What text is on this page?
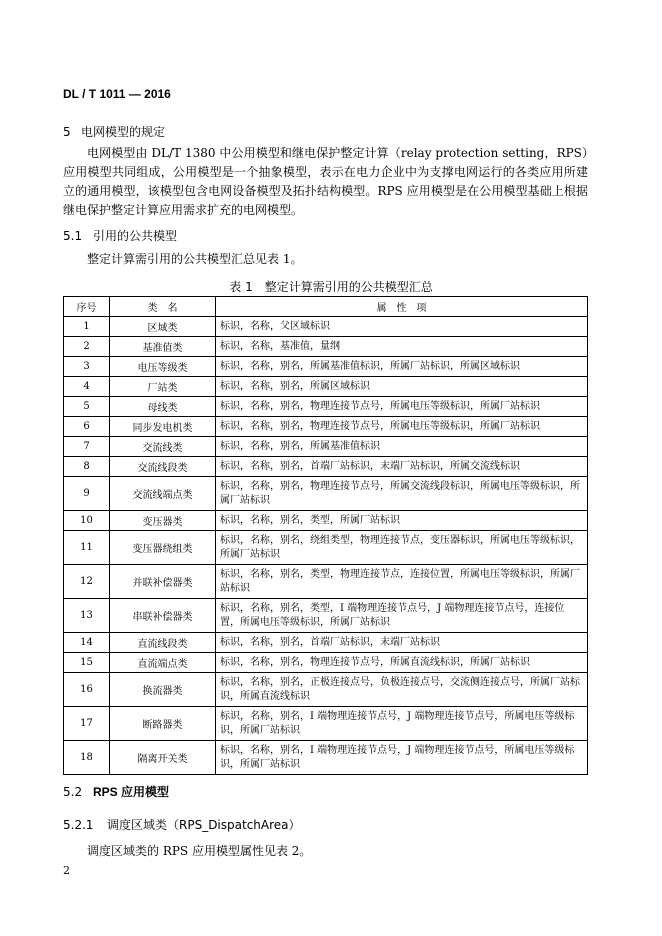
DL / T 1011 — 2016
5 电网模型的规定
电网模型由 DL/T 1380 中公用模型和继电保护整定计算（relay protection setting，RPS）应用模型共同组成，公用模型是一个抽象模型，表示在电力企业中为支撑电网运行的各类应用所建立的通用模型，该模型包含电网设备模型及拓扑结构模型。RPS 应用模型是在公用模型基础上根据继电保护整定计算应用需求扩充的电网模型。
5.1 引用的公共模型
整定计算需引用的公共模型汇总见表 1。
表 1　整定计算需引用的公共模型汇总
序号	类　名	属　性　项
1	区域类	标识，名称，父区域标识
2	基准值类	标识，名称，基准值，量纲
3	电压等级类	标识，名称，别名，所属基准值标识，所属厂站标识，所属区域标识
4	厂站类	标识，名称，别名，所属区域标识
5	母线类	标识，名称，别名，物理连接节点号，所属电压等级标识，所属厂站标识
6	同步发电机类	标识，名称，别名，物理连接节点号，所属电压等级标识，所属厂站标识
7	交流线类	标识，名称，别名，所属基准值标识
8	交流线段类	标识，名称，别名，首端厂站标识，末端厂站标识，所属交流线标识
9	交流线端点类	标识，名称，别名，物理连接节点号，所属交流线段标识，所属电压等级标识，所属厂站标识
10	变压器类	标识，名称，别名，类型，所属厂站标识
11	变压器绕组类	标识，名称，别名，绕组类型，物理连接节点，变压器标识，所属电压等级标识，所属厂站标识
12	并联补偿器类	标识，名称，别名，类型，物理连接节点，连接位置，所属电压等级标识，所属厂站标识
13	串联补偿器类	标识，名称，别名，类型，I 端物理连接节点号，J 端物理连接节点号，连接位置，所属电压等级标识，所属厂站标识
14	直流线段类	标识，名称，别名，首端厂站标识，末端厂站标识
15	直流端点类	标识，名称，别名，物理连接节点号，所属直流线标识，所属厂站标识
16	换流器类	标识，名称，别名，正极连接点号，负极连接点号，交流侧连接点号，所属厂站标识，所属直流线标识
17	断路器类	标识，名称，别名，I 端物理连接节点号，J 端物理连接节点号，所属电压等级标识，所属厂站标识
18	隔离开关类	标识，名称，别名，I 端物理连接节点号，J 端物理连接节点号，所属电压等级标识，所属厂站标识
5.2 RPS 应用模型
5.2.1 调度区域类（RPS_DispatchArea）
调度区域类的 RPS 应用模型属性见表 2。
2
